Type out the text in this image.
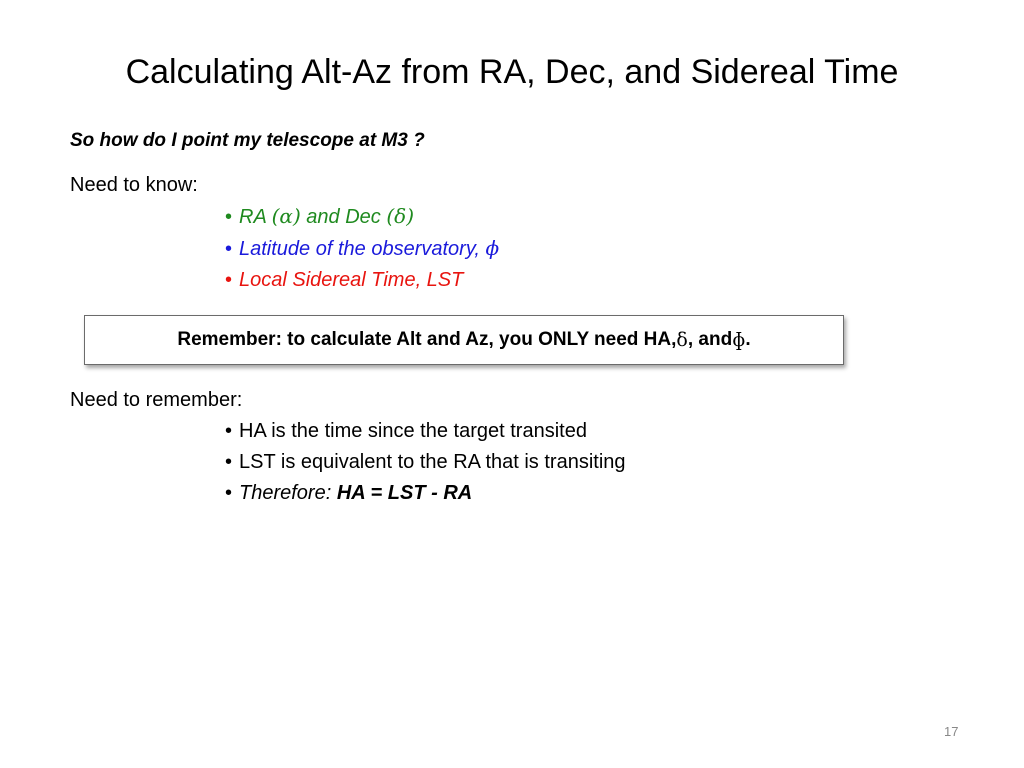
Calculating Alt-Az from RA, Dec, and Sidereal Time
So how do I point my telescope at M3 ?
Need to know:
• RA (α) and Dec (δ)
• Latitude of the observatory, ϕ
• Local Sidereal Time, LST
Remember: to calculate Alt and Az, you ONLY need HA, δ , and ɸ .
Need to remember:
• HA is the time since the target transited
• LST is equivalent to the RA that is transiting
• Therefore: HA = LST - RA
17
